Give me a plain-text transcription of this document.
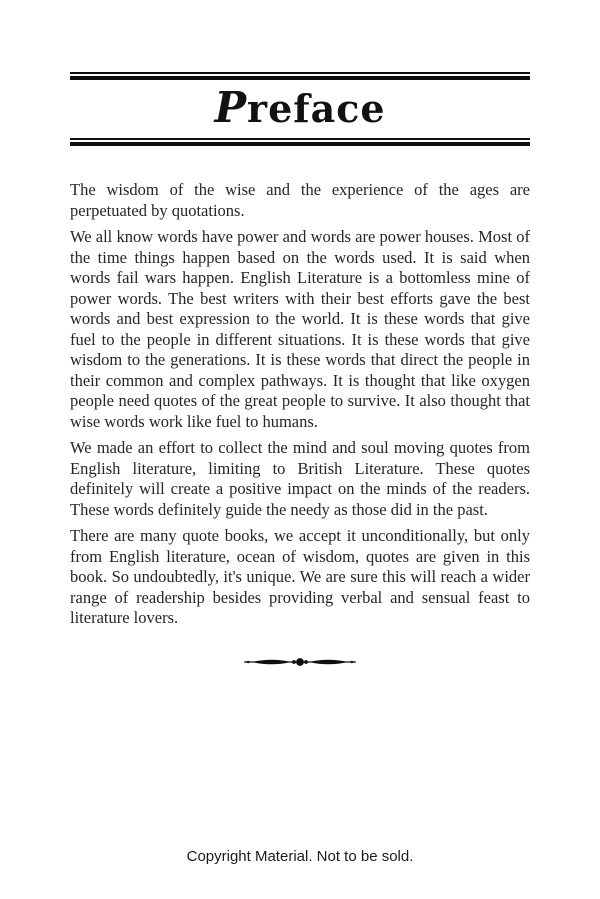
Preface

The wisdom of the wise and the experience of the ages are perpetuated by quotations.

We all know words have power and words are power houses. Most of the time things happen based on the words used. It is said when words fail wars happen. English Literature is a bottomless mine of power words. The best writers with their best efforts gave the best words and best expression to the world. It is these words that give fuel to the people in different situations. It is these words that give wisdom to the generations. It is these words that direct the people in their common and complex pathways. It is thought that like oxygen people need quotes of the great people to survive. It also thought that wise words work like fuel to humans.

We made an effort to collect the mind and soul moving quotes from English literature, limiting to British Literature. These quotes definitely will create a positive impact on the minds of the readers. These words definitely guide the needy as those did in the past.

There are many quote books, we accept it unconditionally, but only from English literature, ocean of wisdom, quotes are given in this book. So undoubtedly, it's unique. We are sure this will reach a wider range of readership besides providing verbal and sensual feast to literature lovers.

Copyright Material. Not to be sold.
